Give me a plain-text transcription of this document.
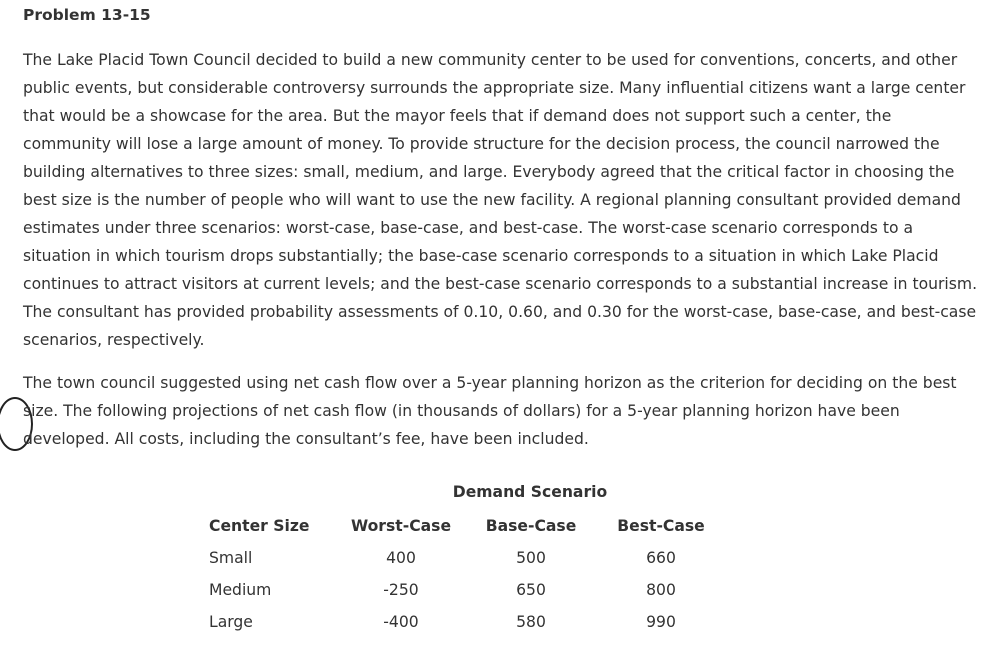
Problem 13-15

The Lake Placid Town Council decided to build a new community center to be used for conventions, concerts, and other public events, but considerable controversy surrounds the appropriate size. Many influential citizens want a large center that would be a showcase for the area. But the mayor feels that if demand does not support such a center, the community will lose a large amount of money. To provide structure for the decision process, the council narrowed the building alternatives to three sizes: small, medium, and large. Everybody agreed that the critical factor in choosing the best size is the number of people who will want to use the new facility. A regional planning consultant provided demand estimates under three scenarios: worst-case, base-case, and best-case. The worst-case scenario corresponds to a situation in which tourism drops substantially; the base-case scenario corresponds to a situation in which Lake Placid continues to attract visitors at current levels; and the best-case scenario corresponds to a substantial increase in tourism. The consultant has provided probability assessments of 0.10, 0.60, and 0.30 for the worst-case, base-case, and best-case scenarios, respectively.

The town council suggested using net cash flow over a 5-year planning horizon as the criterion for deciding on the best size. The following projections of net cash flow (in thousands of dollars) for a 5-year planning horizon have been developed. All costs, including the consultant’s fee, have been included.

Demand Scenario
Center Size	Worst-Case	Base-Case	Best-Case
Small	400	500	660
Medium	-250	650	800
Large	-400	580	990
